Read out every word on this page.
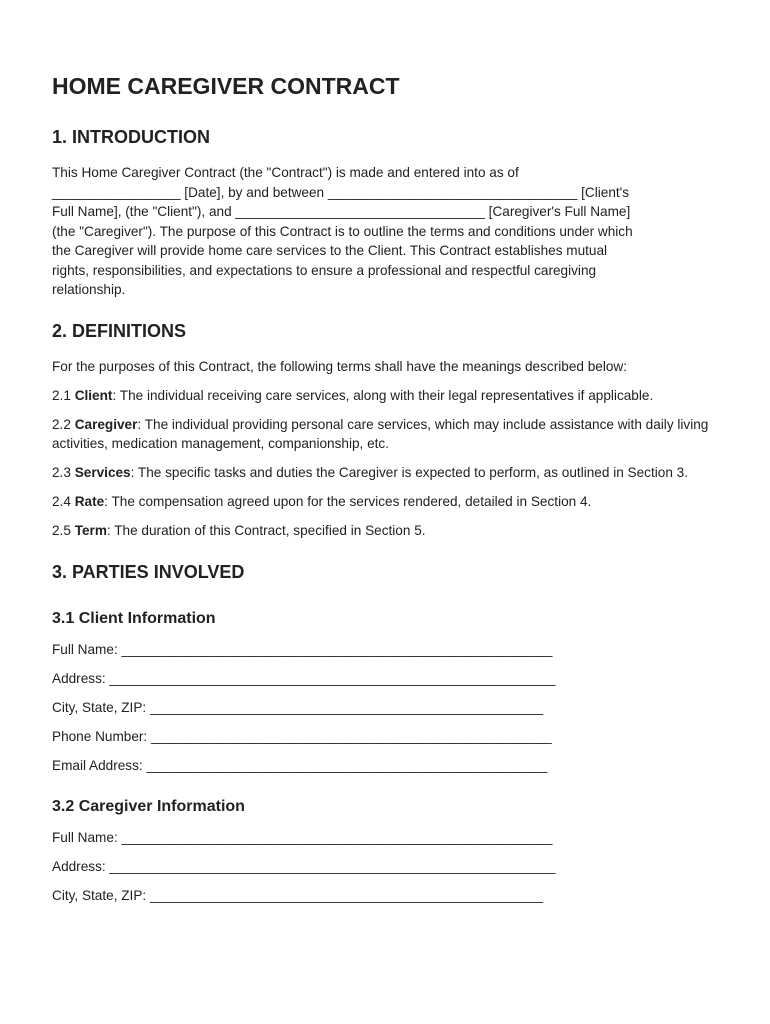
HOME CAREGIVER CONTRACT
1. INTRODUCTION

This Home Caregiver Contract (the "Contract") is made and entered into as of

_________________ [Date], by and between _________________________________ [Client's

Full Name], (the "Client"), and _________________________________ [Caregiver's Full Name]

(the "Caregiver"). The purpose of this Contract is to outline the terms and conditions under which

the Caregiver will provide home care services to the Client. This Contract establishes mutual

rights, responsibilities, and expectations to ensure a professional and respectful caregiving

relationship.

2. DEFINITIONS

For the purposes of this Contract, the following terms shall have the meanings described below:

2.1 Client: The individual receiving care services, along with their legal representatives if applicable.

2.2 Caregiver: The individual providing personal care services, which may include assistance with daily living activities, medication management, companionship, etc.

2.3 Services: The specific tasks and duties the Caregiver is expected to perform, as outlined in Section 3.

2.4 Rate: The compensation agreed upon for the services rendered, detailed in Section 4.

2.5 Term: The duration of this Contract, specified in Section 5.

3. PARTIES INVOLVED
3.1 Client Information

Full Name: _________________________________________________________

Address: ___________________________________________________________

City, State, ZIP: ____________________________________________________

Phone Number: _____________________________________________________

Email Address: _____________________________________________________

3.2 Caregiver Information

Full Name: _________________________________________________________

Address: ___________________________________________________________

City, State, ZIP: ____________________________________________________
